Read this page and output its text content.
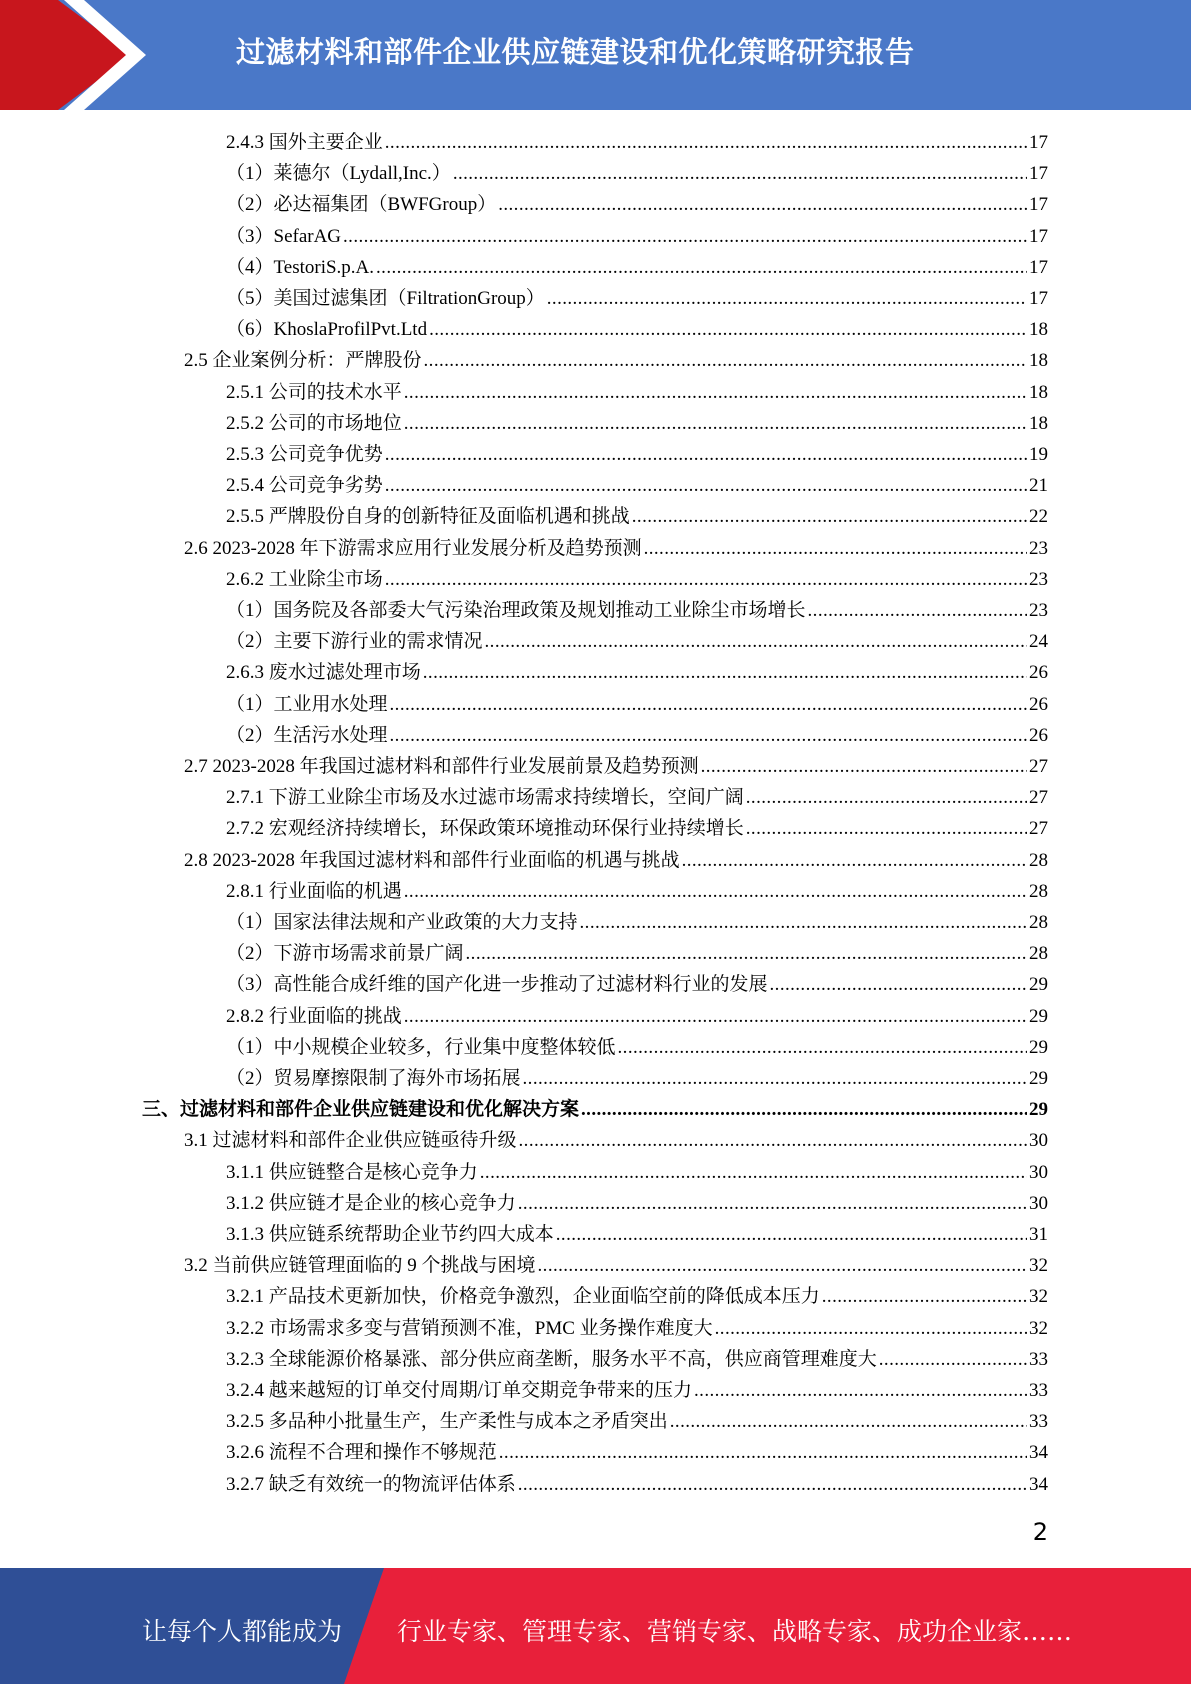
过滤材料和部件企业供应链建设和优化策略研究报告
2.4.3 国外主要企业 .....	17
（1）莱德尔（Lydall,Inc.） .....	17
（2）必达福集团（BWFGroup） .....	17
（3）SefarAG .....	17
（4）TestoriS.p.A. .....	17
（5）美国过滤集团（FiltrationGroup） .....	17
（6）KhoslaProfilPvt.Ltd .....	18
2.5 企业案例分析：严牌股份 .....	18
2.5.1 公司的技术水平 .....	18
2.5.2 公司的市场地位 .....	18
2.5.3 公司竞争优势 .....	19
2.5.4 公司竞争劣势 .....	21
2.5.5 严牌股份自身的创新特征及面临机遇和挑战 .....	22
2.6 2023-2028 年下游需求应用行业发展分析及趋势预测 .....	23
2.6.2 工业除尘市场 .....	23
（1）国务院及各部委大气污染治理政策及规划推动工业除尘市场增长 .....	23
（2）主要下游行业的需求情况 .....	24
2.6.3 废水过滤处理市场 .....	26
（1）工业用水处理 .....	26
（2）生活污水处理 .....	26
2.7 2023-2028 年我国过滤材料和部件行业发展前景及趋势预测 .....	27
2.7.1 下游工业除尘市场及水过滤市场需求持续增长，空间广阔 .....	27
2.7.2 宏观经济持续增长，环保政策环境推动环保行业持续增长 .....	27
2.8 2023-2028 年我国过滤材料和部件行业面临的机遇与挑战 .....	28
2.8.1 行业面临的机遇 .....	28
（1）国家法律法规和产业政策的大力支持 .....	28
（2）下游市场需求前景广阔 .....	28
（3）高性能合成纤维的国产化进一步推动了过滤材料行业的发展 .....	29
2.8.2 行业面临的挑战 .....	29
（1）中小规模企业较多，行业集中度整体较低 .....	29
（2）贸易摩擦限制了海外市场拓展 .....	29
三、过滤材料和部件企业供应链建设和优化解决方案 .....	29
3.1 过滤材料和部件企业供应链亟待升级 .....	30
3.1.1 供应链整合是核心竞争力 .....	30
3.1.2 供应链才是企业的核心竞争力 .....	30
3.1.3 供应链系统帮助企业节约四大成本 .....	31
3.2 当前供应链管理面临的 9 个挑战与困境 .....	32
3.2.1 产品技术更新加快，价格竞争激烈，企业面临空前的降低成本压力 .....	32
3.2.2 市场需求多变与营销预测不准，PMC 业务操作难度大 .....	32
3.2.3 全球能源价格暴涨、部分供应商垄断，服务水平不高，供应商管理难度大 .....	33
3.2.4 越来越短的订单交付周期/订单交期竞争带来的压力 .....	33
3.2.5 多品种小批量生产，生产柔性与成本之矛盾突出 .....	33
3.2.6 流程不合理和操作不够规范 .....	34
3.2.7 缺乏有效统一的物流评估体系 .....	34
2
让每个人都能成为 行业专家、管理专家、营销专家、战略专家、成功企业家……
